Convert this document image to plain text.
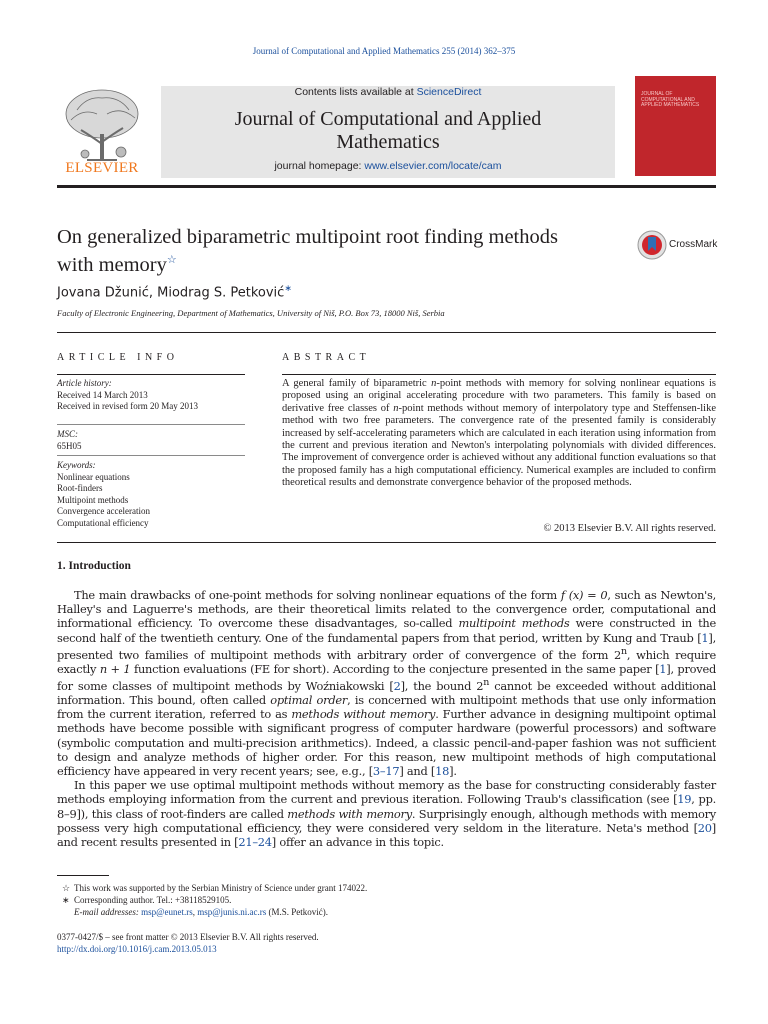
Journal of Computational and Applied Mathematics 255 (2014) 362–375
ELSEVIER
Contents lists available at ScienceDirect
Journal of Computational and Applied
Mathematics
journal homepage: www.elsevier.com/locate/cam
JOURNAL OF
COMPUTATIONAL AND
APPLIED MATHEMATICS
On generalized biparametric multipoint root finding methods
with memory☆
CrossMark
Jovana Džunić, Miodrag S. Petković∗
Faculty of Electronic Engineering, Department of Mathematics, University of Niš, P.O. Box 73, 18000 Niš, Serbia
ARTICLE INFO	ABSTRACT
Article history:
Received 14 March 2013
Received in revised form 20 May 2013
MSC:
65H05
Keywords:
Nonlinear equations
Root-finders
Multipoint methods
Convergence acceleration
Computational efficiency
A general family of biparametric n-point methods with memory for solving nonlinear equations is proposed using an original accelerating procedure with two parameters. This family is based on derivative free classes of n-point methods without memory of interpolatory type and Steffensen-like method with two free parameters. The convergence rate of the presented family is considerably increased by self-accelerating parameters which are calculated in each iteration using information from the current and previous iteration and Newton's interpolating polynomials with divided differences. The improvement of convergence order is achieved without any additional function evaluations so that the proposed family has a high computational efficiency. Numerical examples are included to confirm theoretical results and demonstrate convergence behavior of the proposed methods.
© 2013 Elsevier B.V. All rights reserved.
1. Introduction

The main drawbacks of one-point methods for solving nonlinear equations of the form f (x) = 0, such as Newton's, Halley's and Laguerre's methods, are their theoretical limits related to the convergence order, computational and informational efficiency. To overcome these disadvantages, so-called multipoint methods were constructed in the second half of the twentieth century. One of the fundamental papers from that period, written by Kung and Traub [1], presented two families of multipoint methods with arbitrary order of convergence of the form 2$^n$, which require exactly n + 1 function evaluations (FE for short). According to the conjecture presented in the same paper [1], proved for some classes of multipoint methods by Woźniakowski [2], the bound 2$^n$ cannot be exceeded without additional information. This bound, often called optimal order, is concerned with multipoint methods that use only information from the current iteration, referred to as methods without memory. Further advance in designing multipoint optimal methods have become possible with significant progress of computer hardware (powerful processors) and software (symbolic computation and multi-precision arithmetics). Indeed, a classic pencil-and-paper fashion was not sufficient to design and analyze methods of higher order. For this reason, new multipoint methods of high computational efficiency have appeared in very recent years; see, e.g., [3–17] and [18].

In this paper we use optimal multipoint methods without memory as the base for constructing considerably faster methods employing information from the current and previous iteration. Following Traub's classification (see [19, pp. 8–9]), this class of root-finders are called methods with memory. Surprisingly enough, although methods with memory possess very high computational efficiency, they were considered very seldom in the literature. Neta's method [20] and recent results presented in [21–24] offer an advance in this topic.

☆ This work was supported by the Serbian Ministry of Science under grant 174022.
∗ Corresponding author. Tel.: +38118529105.
E-mail addresses: msp@eunet.rs, msp@junis.ni.ac.rs (M.S. Petković).
0377-0427/$ – see front matter © 2013 Elsevier B.V. All rights reserved.
http://dx.doi.org/10.1016/j.cam.2013.05.013
